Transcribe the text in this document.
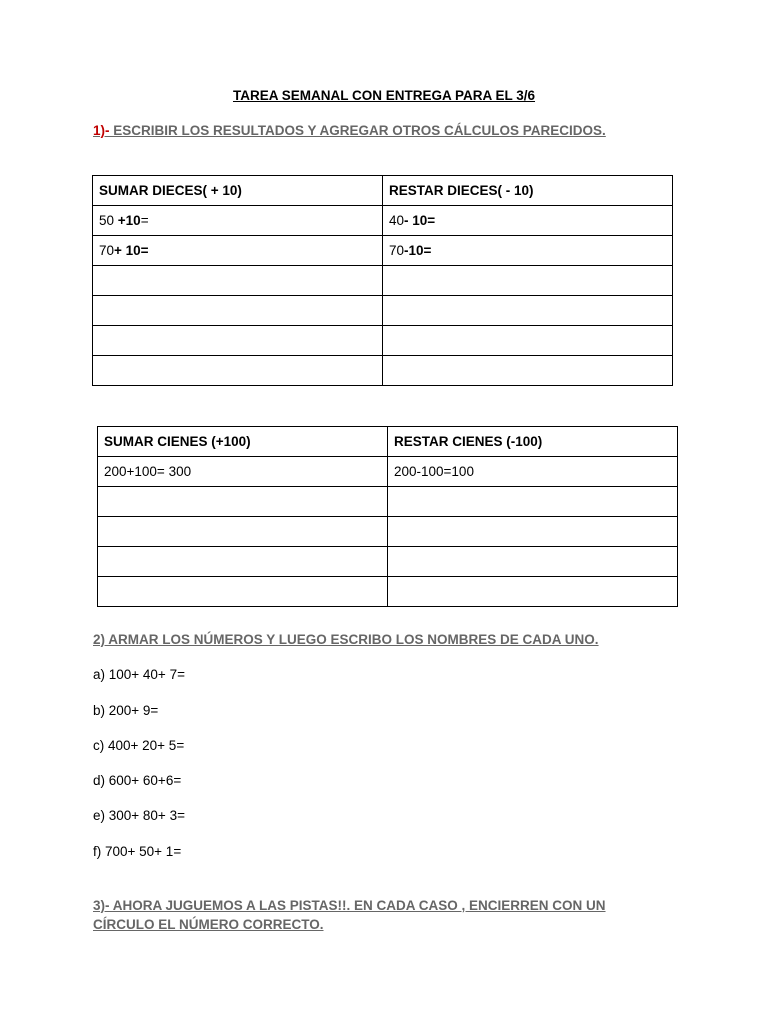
TAREA SEMANAL CON ENTREGA PARA EL 3/6
1)- ESCRIBIR LOS RESULTADOS Y AGREGAR OTROS CÁLCULOS PARECIDOS.
SUMAR DIECES( + 10)	RESTAR DIECES( - 10)
50 +10=	40- 10=
70+ 10=	70-10=

SUMAR CIENES (+100)	RESTAR CIENES (-100)
200+100= 300	200-100=100

2) ARMAR LOS NÚMEROS Y LUEGO ESCRIBO LOS NOMBRES DE CADA UNO.
a) 100+ 40+ 7=
b) 200+ 9=
c) 400+ 20+ 5=
d) 600+ 60+6=
e) 300+ 80+ 3=
f) 700+ 50+ 1=
3)- AHORA JUGUEMOS A LAS PISTAS!!. EN CADA CASO , ENCIERREN CON UN
CÍRCULO EL NÚMERO CORRECTO.
